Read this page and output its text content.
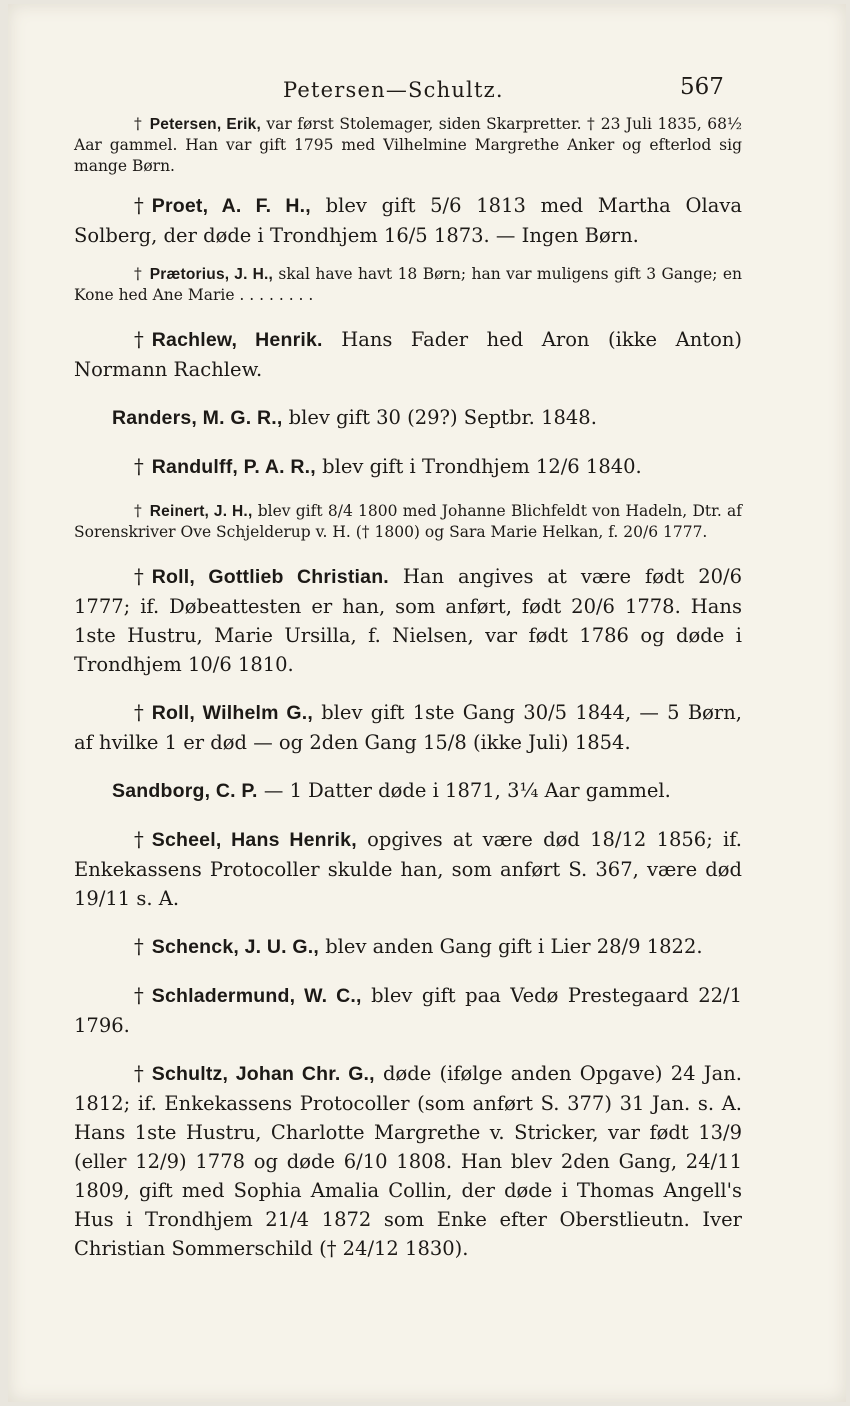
Petersen—Schultz.	567

† Petersen, Erik, var først Stolemager, siden Skarpretter. † 23 Juli 1835, 68½ Aar gammel. Han var gift 1795 med Vilhelmine Margrethe Anker og efterlod sig mange Børn.

† Proet, A. F. H., blev gift 5/6 1813 med Martha Olava Solberg, der døde i Trondhjem 16/5 1873. — Ingen Børn.

† Prætorius, J. H., skal have havt 18 Børn; han var muligens gift 3 Gange; en Kone hed Ane Marie . . . . . . . .

† Rachlew, Henrik. Hans Fader hed Aron (ikke Anton) Normann Rachlew.

Randers, M. G. R., blev gift 30 (29?) Septbr. 1848.

† Randulff, P. A. R., blev gift i Trondhjem 12/6 1840.

† Reinert, J. H., blev gift 8/4 1800 med Johanne Blichfeldt von Hadeln, Dtr. af Sorenskriver Ove Schjelderup v. H. († 1800) og Sara Marie Helkan, f. 20/6 1777.

† Roll, Gottlieb Christian. Han angives at være født 20/6 1777; if. Døbeattesten er han, som anført, født 20/6 1778. Hans 1ste Hustru, Marie Ursilla, f. Nielsen, var født 1786 og døde i Trondhjem 10/6 1810.

† Roll, Wilhelm G., blev gift 1ste Gang 30/5 1844, — 5 Børn, af hvilke 1 er død — og 2den Gang 15/8 (ikke Juli) 1854.

Sandborg, C. P. — 1 Datter døde i 1871, 3¼ Aar gammel.

† Scheel, Hans Henrik, opgives at være død 18/12 1856; if. Enkekassens Protocoller skulde han, som anført S. 367, være død 19/11 s. A.

† Schenck, J. U. G., blev anden Gang gift i Lier 28/9 1822.

† Schladermund, W. C., blev gift paa Vedø Prestegaard 22/1 1796.

† Schultz, Johan Chr. G., døde (ifølge anden Opgave) 24 Jan. 1812; if. Enkekassens Protocoller (som anført S. 377) 31 Jan. s. A. Hans 1ste Hustru, Charlotte Margrethe v. Stricker, var født 13/9 (eller 12/9) 1778 og døde 6/10 1808. Han blev 2den Gang, 24/11 1809, gift med Sophia Amalia Collin, der døde i Thomas Angell's Hus i Trondhjem 21/4 1872 som Enke efter Oberstlieutn. Iver Christian Sommerschild († 24/12 1830).
